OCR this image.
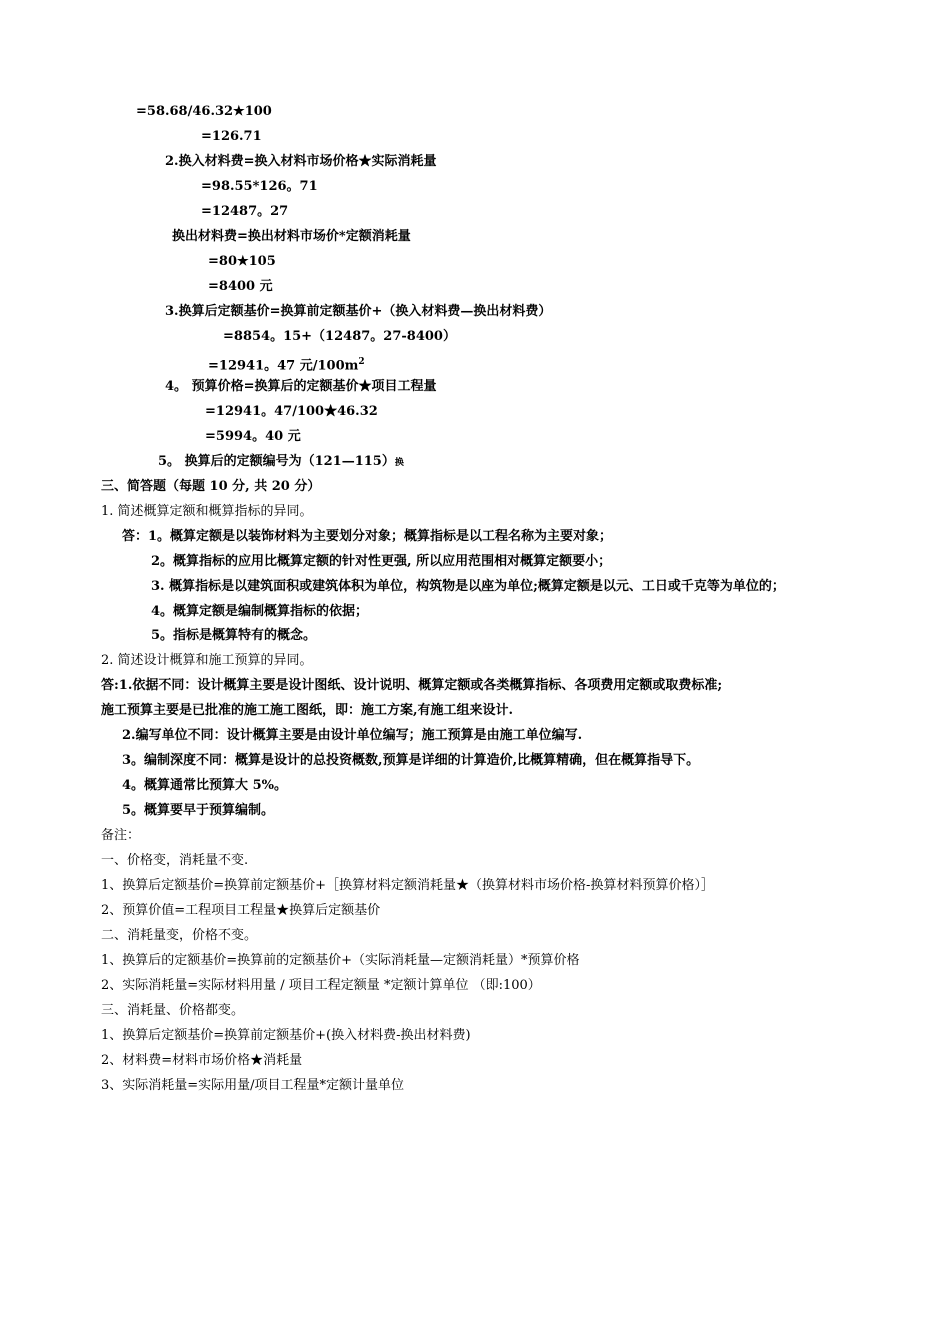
=58.68/46.32★100
=126.71
2.换入材料费=换入材料市场价格★实际消耗量
=98.55*126。71
=12487。27
换出材料费=换出材料市场价*定额消耗量
=80★105
=8400 元
3.换算后定额基价=换算前定额基价+（换入材料费—换出材料费）
=8854。15+（12487。27-8400）
=12941。47 元$/100m^2$
4。 预算价格=换算后的定额基价★项目工程量
=12941。47/100★46.32
=5994。40 元
5。 换算后的定额编号为（121—115）换
三、简答题（每题 10 分, 共 20 分）
1. 简述概算定额和概算指标的异同。
答：1。概算定额是以装饰材料为主要划分对象；概算指标是以工程名称为主要对象；
2。概算指标的应用比概算定额的针对性更强, 所以应用范围相对概算定额要小；
3. 概算指标是以建筑面积或建筑体积为单位，构筑物是以座为单位;概算定额是以元、工日或千克等为单位的；
4。概算定额是编制概算指标的依据；
5。指标是概算特有的概念。
2. 简述设计概算和施工预算的异同。
答:1.依据不同：设计概算主要是设计图纸、设计说明、概算定额或各类概算指标、各项费用定额或取费标准;
施工预算主要是已批准的施工施工图纸，即：施工方案,有施工组来设计.
2.编写单位不同：设计概算主要是由设计单位编写；施工预算是由施工单位编写.
3。编制深度不同：概算是设计的总投资概数,预算是详细的计算造价,比概算精确，但在概算指导下。
4。概算通常比预算大 5%。
5。概算要早于预算编制。
备注：
一、价格变，消耗量不变.
1、换算后定额基价=换算前定额基价+［换算材料定额消耗量★（换算材料市场价格-换算材料预算价格）］
2、预算价值=工程项目工程量★换算后定额基价
二、消耗量变，价格不变。
1、换算后的定额基价=换算前的定额基价+（实际消耗量—定额消耗量）*预算价格
2、实际消耗量=实际材料用量 / 项目工程定额量 *定额计算单位 （即:100）
三、消耗量、价格都变。
1、换算后定额基价=换算前定额基价+(换入材料费-换出材料费)
2、材料费=材料市场价格★消耗量
3、实际消耗量=实际用量/项目工程量*定额计量单位
